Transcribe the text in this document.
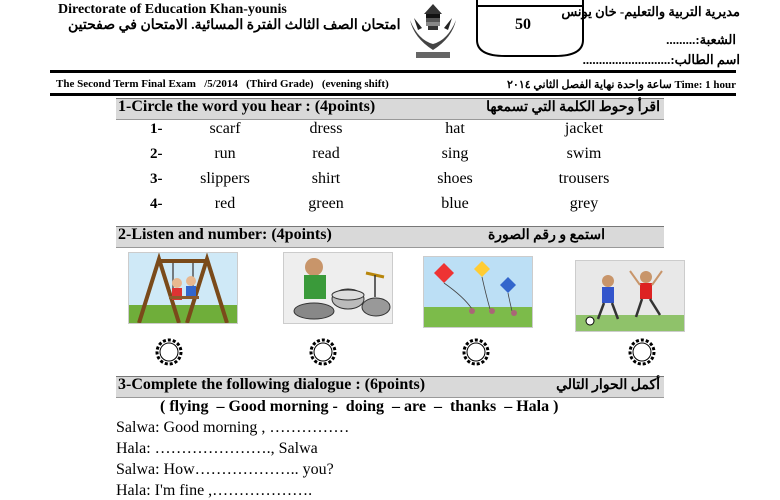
Directorate of Education Khan-younis
امتحان الصف الثالث الفترة المسائية. الامتحان في صفحتين	50
مديرية التربية والتعليم- خان يونس
الشعبة:.........
اسم الطالب:...........................
The Second Term Final Exam   /5/2014   (Third Grade)   (evening shift)	Time: 1 hour ساعة واحدة نهاية الفصل الثاني ٢٠١٤
1-Circle the word you hear : (4points)	اقرأ وحوط الكلمة التي تسمعها
1-	scarf	dress	hat	jacket
2-	run	read	sing	swim
3-	slippers	shirt	shoes	trousers
4-	red	green	blue	grey
2-Listen and number: (4points)	استمع و رقم الصورة
3-Complete the following dialogue : (6points)	أكمل الحوار التالي
( flying  – Good morning -  doing  – are  –  thanks  – Hala )
Salwa: Good morning , ……………
Hala: …………………., Salwa
Salwa: How……………….. you?
Hala: I'm fine ,……………….
